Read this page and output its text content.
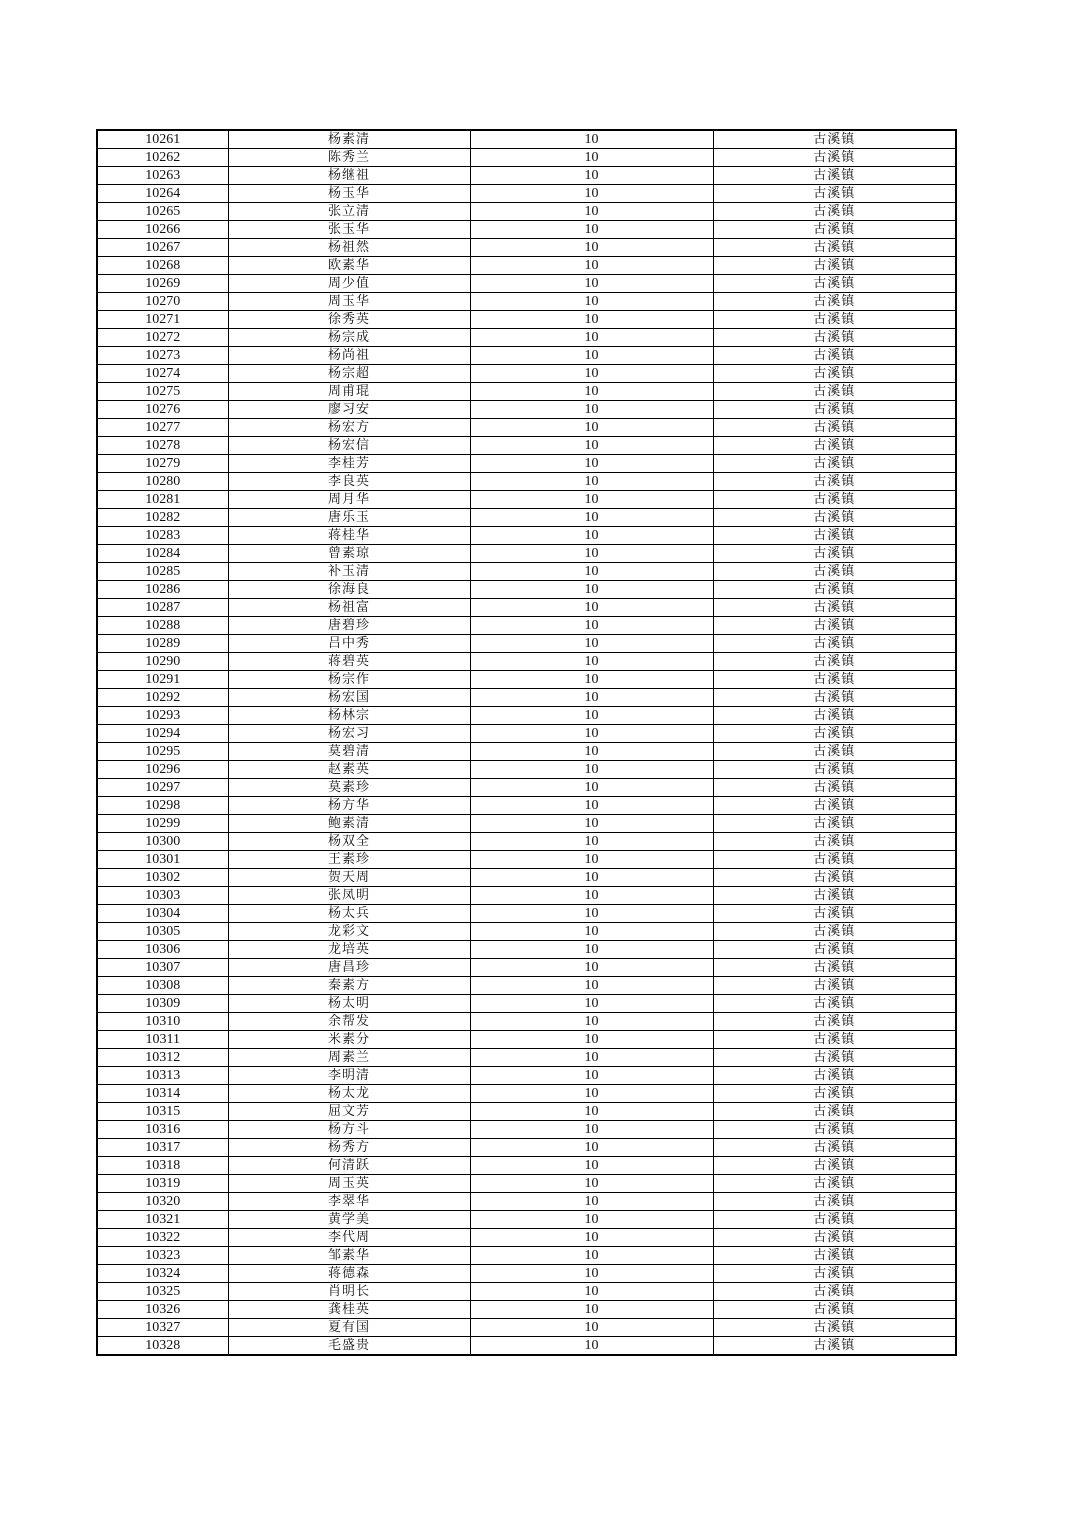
10261	杨素清	10	古溪镇
10262	陈秀兰	10	古溪镇
10263	杨继祖	10	古溪镇
10264	杨玉华	10	古溪镇
10265	张立清	10	古溪镇
10266	张玉华	10	古溪镇
10267	杨祖然	10	古溪镇
10268	欧素华	10	古溪镇
10269	周少值	10	古溪镇
10270	周玉华	10	古溪镇
10271	徐秀英	10	古溪镇
10272	杨宗成	10	古溪镇
10273	杨尚祖	10	古溪镇
10274	杨宗超	10	古溪镇
10275	周甫琨	10	古溪镇
10276	廖习安	10	古溪镇
10277	杨宏方	10	古溪镇
10278	杨宏信	10	古溪镇
10279	李桂芳	10	古溪镇
10280	李良英	10	古溪镇
10281	周月华	10	古溪镇
10282	唐乐玉	10	古溪镇
10283	蒋桂华	10	古溪镇
10284	曾素琼	10	古溪镇
10285	补玉清	10	古溪镇
10286	徐海良	10	古溪镇
10287	杨祖富	10	古溪镇
10288	唐碧珍	10	古溪镇
10289	吕中秀	10	古溪镇
10290	蒋碧英	10	古溪镇
10291	杨宗作	10	古溪镇
10292	杨宏国	10	古溪镇
10293	杨林宗	10	古溪镇
10294	杨宏习	10	古溪镇
10295	莫碧清	10	古溪镇
10296	赵素英	10	古溪镇
10297	莫素珍	10	古溪镇
10298	杨方华	10	古溪镇
10299	鲍素清	10	古溪镇
10300	杨双全	10	古溪镇
10301	王素珍	10	古溪镇
10302	贺天周	10	古溪镇
10303	张凤明	10	古溪镇
10304	杨太兵	10	古溪镇
10305	龙彩文	10	古溪镇
10306	龙培英	10	古溪镇
10307	唐昌珍	10	古溪镇
10308	秦素方	10	古溪镇
10309	杨太明	10	古溪镇
10310	余帮发	10	古溪镇
10311	米素分	10	古溪镇
10312	周素兰	10	古溪镇
10313	李明清	10	古溪镇
10314	杨太龙	10	古溪镇
10315	屈文芳	10	古溪镇
10316	杨方斗	10	古溪镇
10317	杨秀方	10	古溪镇
10318	何清跃	10	古溪镇
10319	周玉英	10	古溪镇
10320	李翠华	10	古溪镇
10321	黄学美	10	古溪镇
10322	李代周	10	古溪镇
10323	邹素华	10	古溪镇
10324	蒋德森	10	古溪镇
10325	肖明长	10	古溪镇
10326	龚桂英	10	古溪镇
10327	夏有国	10	古溪镇
10328	毛盛贵	10	古溪镇
